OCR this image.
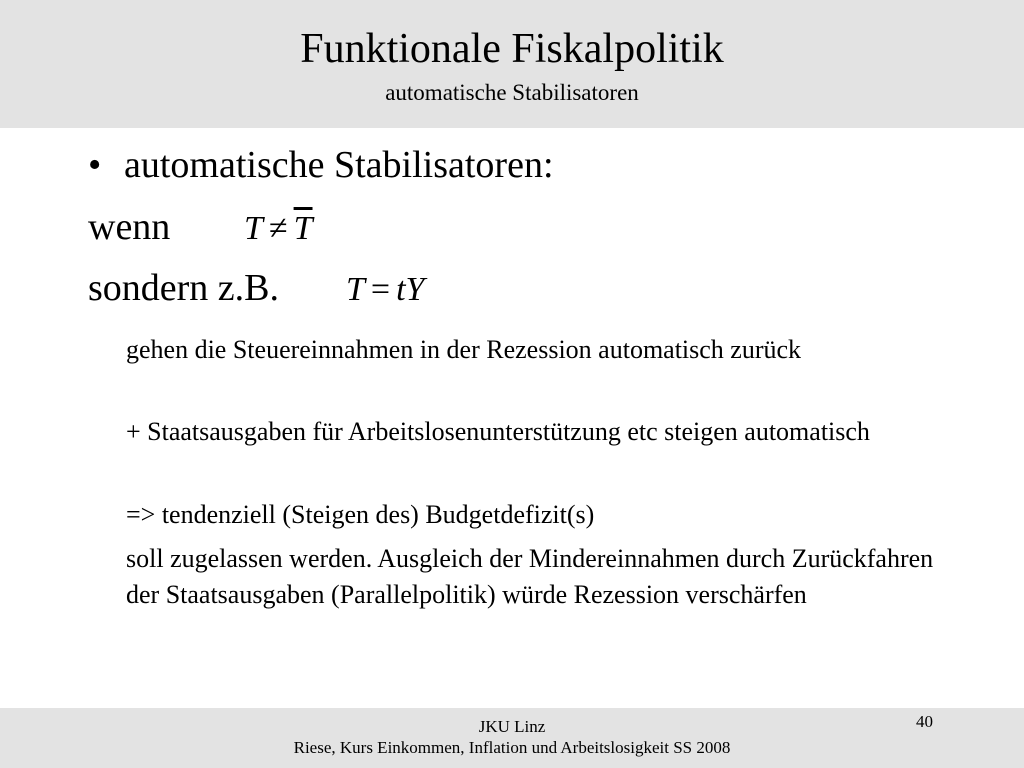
Funktionale Fiskalpolitik
automatische Stabilisatoren
• automatische Stabilisatoren:
wenn $T \ne \overline{T}$
sondern z.B. T = tY
gehen die Steuereinnahmen in der Rezession automatisch zurück
+ Staatsausgaben für Arbeitslosenunterstützung etc steigen automatisch
=> tendenziell (Steigen des) Budgetdefizit(s)
soll zugelassen werden. Ausgleich der Mindereinnahmen durch Zurückfahren der Staatsausgaben (Parallelpolitik) würde Rezession verschärfen
40
JKU Linz
Riese, Kurs Einkommen, Inflation und Arbeitslosigkeit SS 2008
